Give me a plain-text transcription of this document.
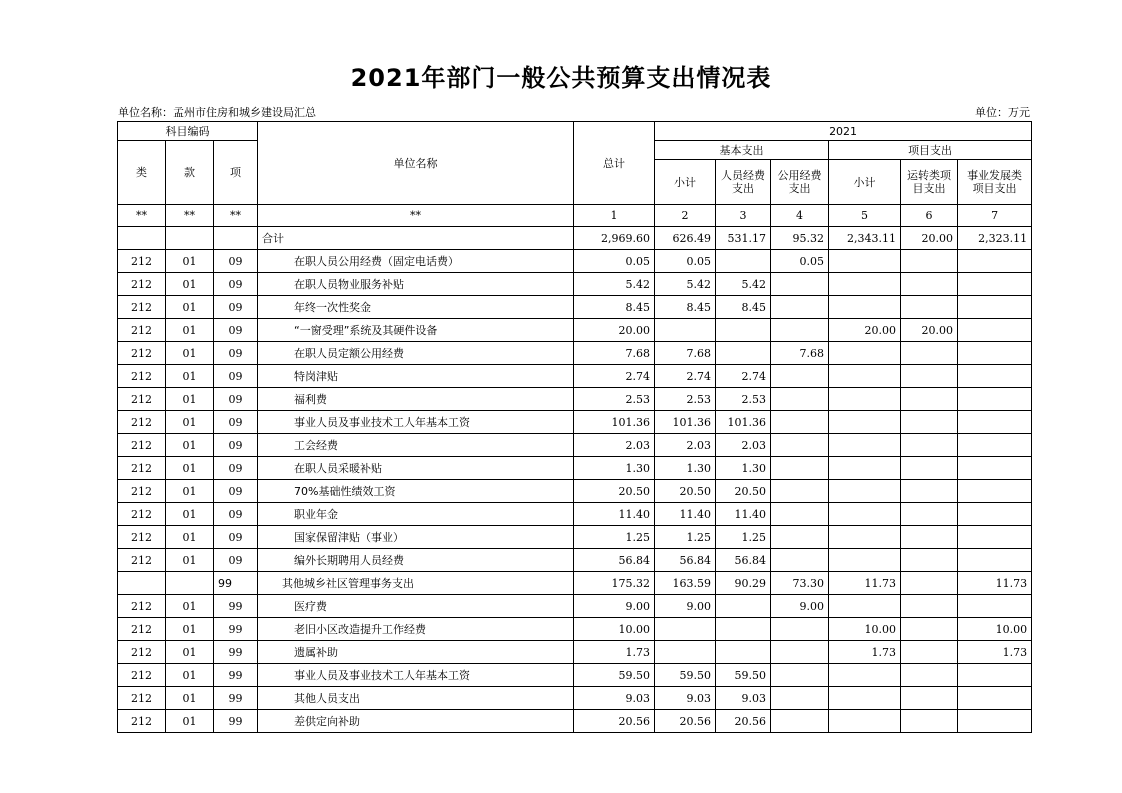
2021年部门一般公共预算支出情况表
单位名称：孟州市住房和城乡建设局汇总	单位：万元
科目编码			单位名称	总计	2021					
类	款	项			基本支出			项目支出		
					小计	人员经费支出	公用经费支出	小计	运转类项目支出	事业发展类项目支出
**	**	**	**	1	2	3	4	5	6	7
			合计	2,969.60	626.49	531.17	95.32	2,343.11	20.00	2,323.11
212	01	09	在职人员公用经费（固定电话费）	0.05	0.05		0.05			
212	01	09	在职人员物业服务补贴	5.42	5.42	5.42				
212	01	09	年终一次性奖金	8.45	8.45	8.45				
212	01	09	“一窗受理”系统及其硬件设备	20.00				20.00	20.00	
212	01	09	在职人员定额公用经费	7.68	7.68		7.68			
212	01	09	特岗津贴	2.74	2.74	2.74				
212	01	09	福利费	2.53	2.53	2.53				
212	01	09	事业人员及事业技术工人年基本工资	101.36	101.36	101.36				
212	01	09	工会经费	2.03	2.03	2.03				
212	01	09	在职人员采暖补贴	1.30	1.30	1.30				
212	01	09	70%基础性绩效工资	20.50	20.50	20.50				
212	01	09	职业年金	11.40	11.40	11.40				
212	01	09	国家保留津贴（事业）	1.25	1.25	1.25				
212	01	09	编外长期聘用人员经费	56.84	56.84	56.84				
		99	其他城乡社区管理事务支出	175.32	163.59	90.29	73.30	11.73		11.73
212	01	99	医疗费	9.00	9.00		9.00			
212	01	99	老旧小区改造提升工作经费	10.00				10.00		10.00
212	01	99	遗属补助	1.73				1.73		1.73
212	01	99	事业人员及事业技术工人年基本工资	59.50	59.50	59.50				
212	01	99	其他人员支出	9.03	9.03	9.03				
212	01	99	差供定向补助	20.56	20.56	20.56				
